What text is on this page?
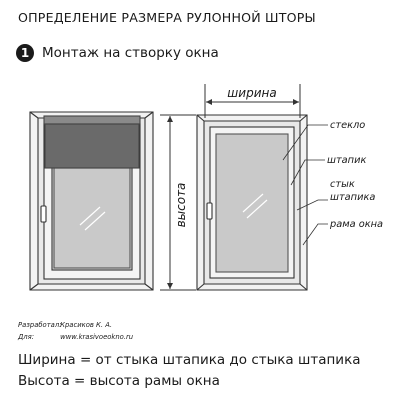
ОПРЕДЕЛЕНИЕ РАЗМЕРА РУЛОННОЙ ШТОРЫ
1 Монтаж на створку окна
ширина
высота
стекло
штапик
стык
штапика
рама окна
Разработал: Красиков К. А.
Для:	www.krasivoeokno.ru
Ширина = от стыка штапика до стыка штапика
Высота = высота рамы окна
